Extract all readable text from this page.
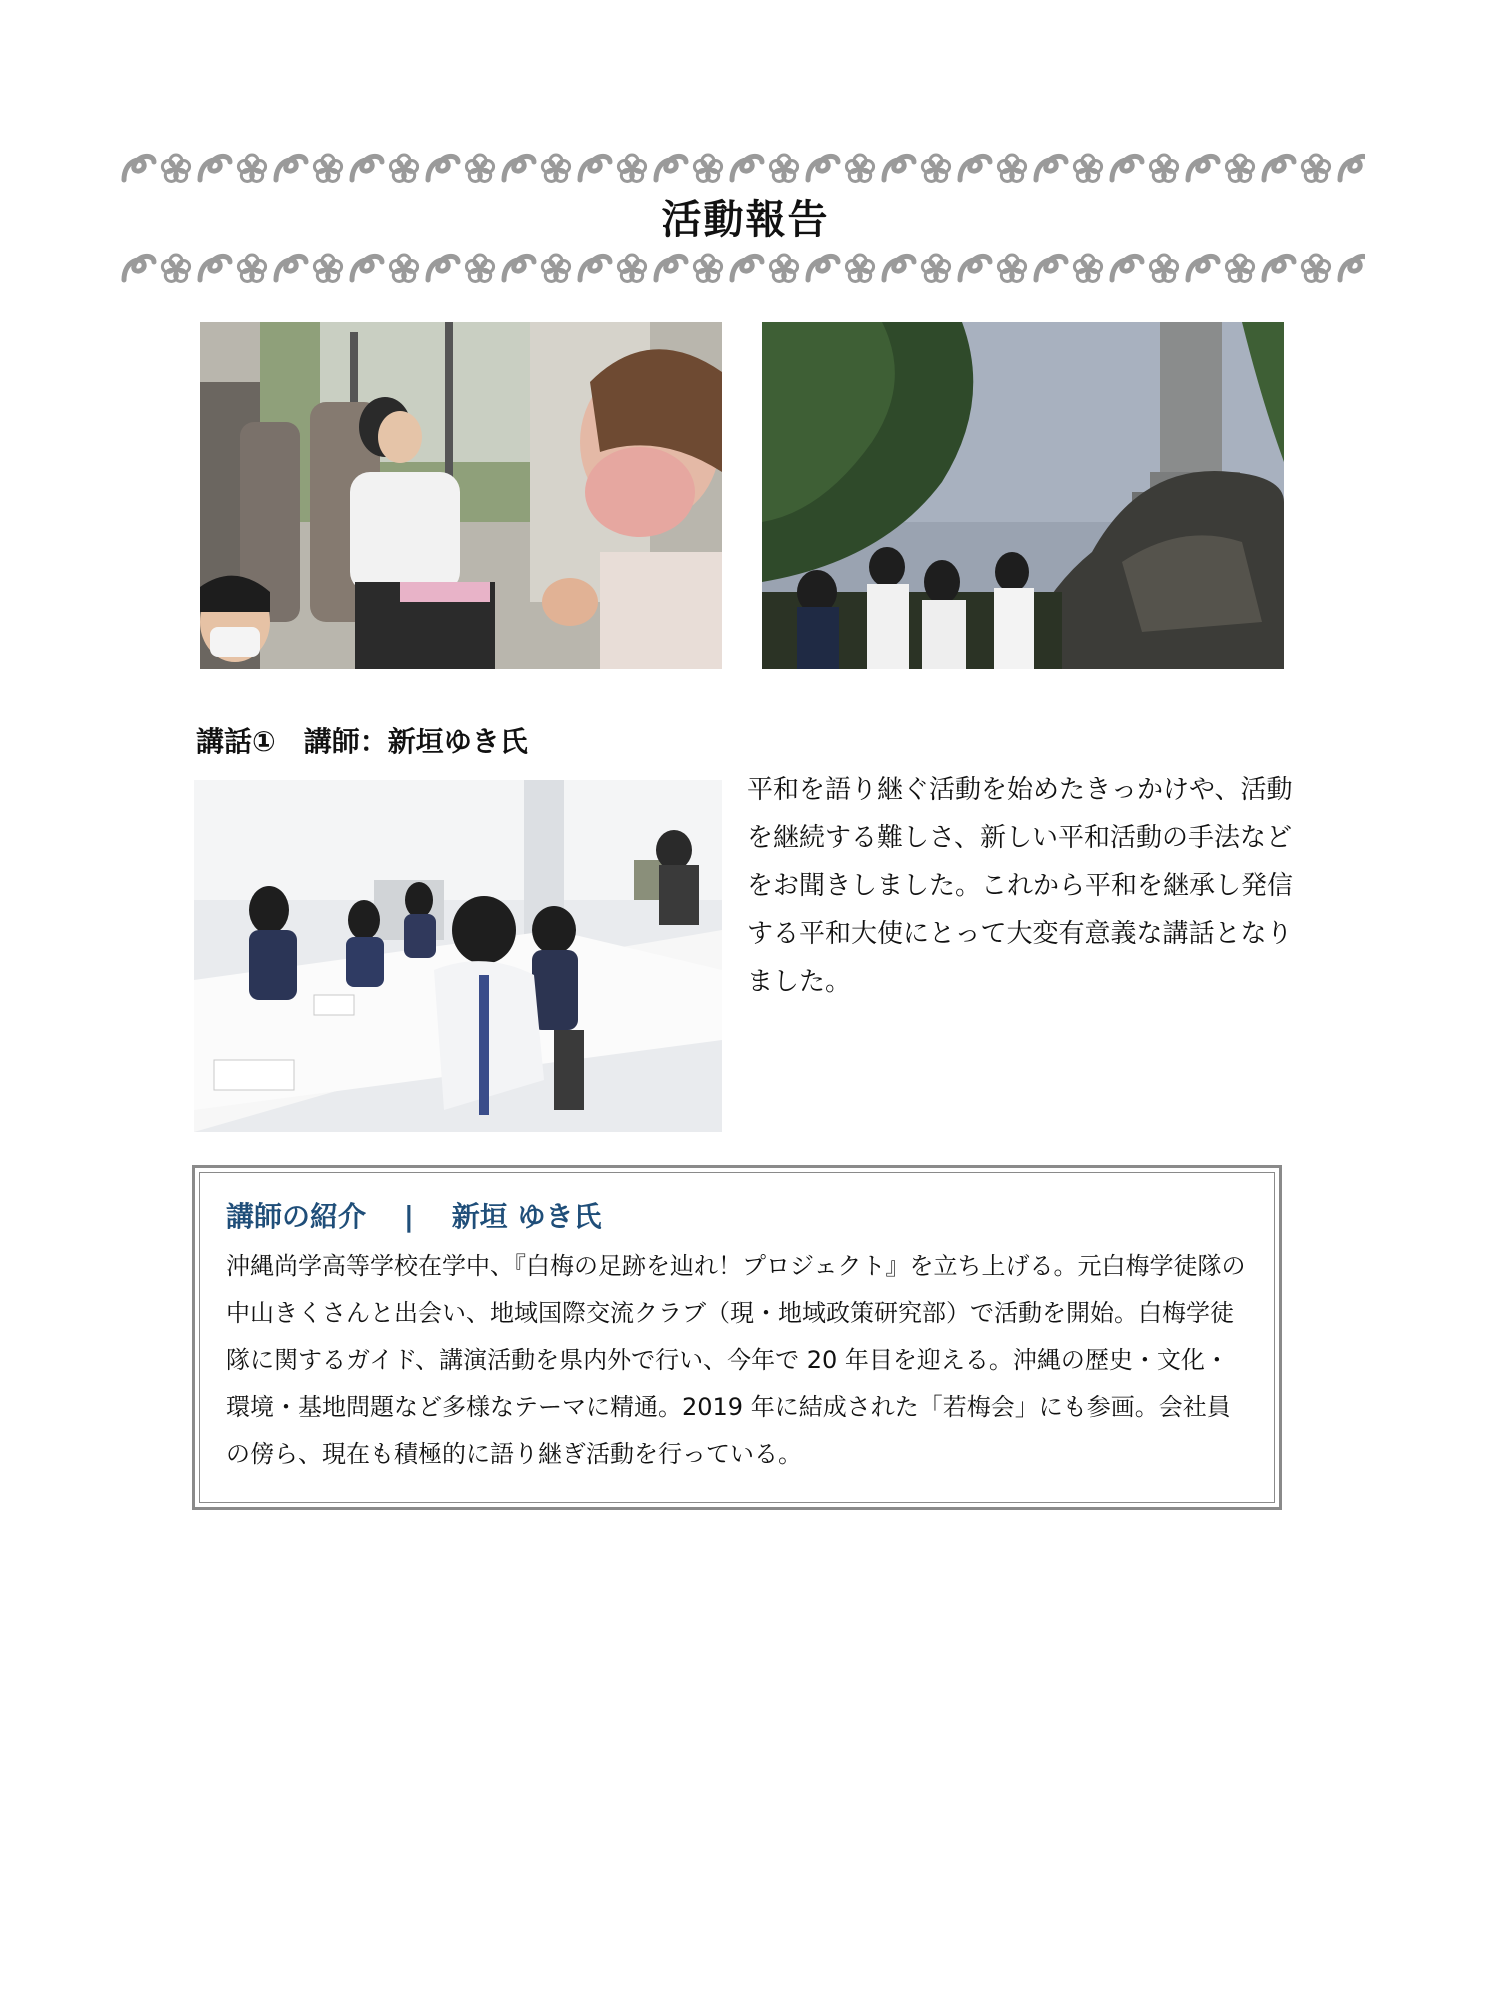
活動報告
講話①　講師：新垣ゆき氏

平和を語り継ぐ活動を始めたきっかけや、活動を継続する難しさ、新しい平和活動の手法などをお聞きしました。これから平和を継承し発信する平和大使にとって大変有意義な講話となりました。

講師の紹介　 |　 新垣 ゆき氏

沖縄尚学高等学校在学中、『白梅の足跡を辿れ！プロジェクト』を立ち上げる。元白梅学徒隊の中山きくさんと出会い、地域国際交流クラブ（現・地域政策研究部）で活動を開始。白梅学徒隊に関するガイド、講演活動を県内外で行い、今年で 20 年目を迎える。沖縄の歴史・文化・環境・基地問題など多様なテーマに精通。2019 年に結成された「若梅会」にも参画。会社員の傍ら、現在も積極的に語り継ぎ活動を行っている。
